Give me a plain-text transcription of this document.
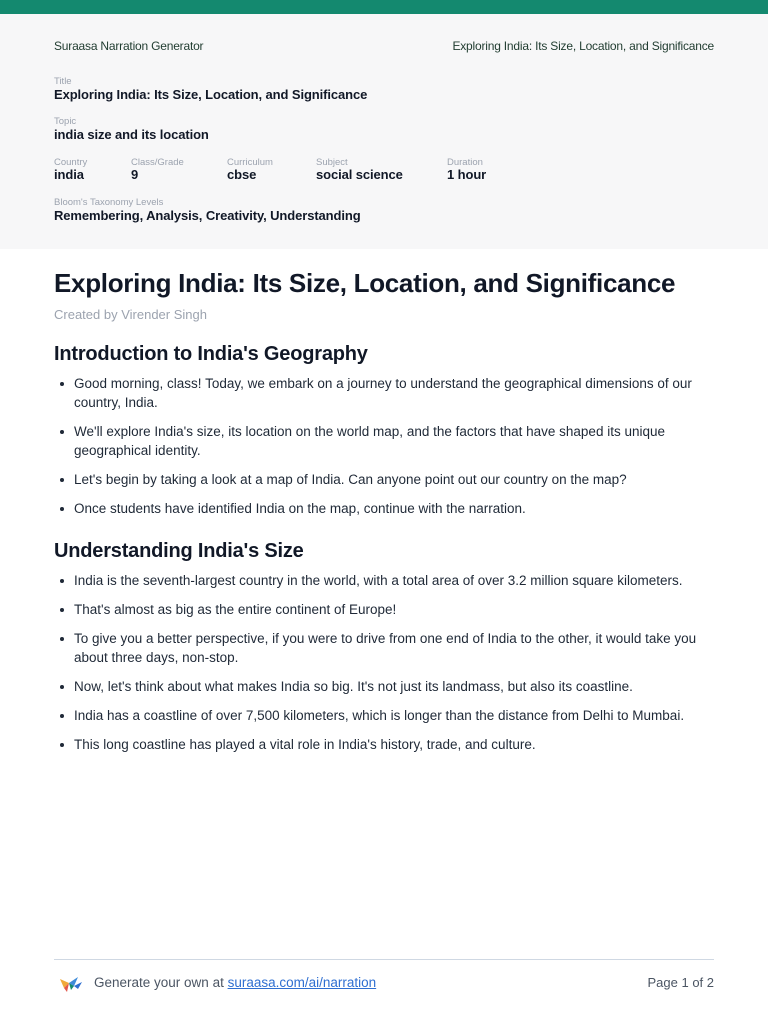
Suraasa Narration Generator	Exploring India: Its Size, Location, and Significance
Title
Exploring India: Its Size, Location, and Significance
Topic
india size and its location
Country
india
Class/Grade
9
Curriculum
cbse
Subject
social science
Duration
1 hour
Bloom's Taxonomy Levels
Remembering, Analysis, Creativity, Understanding
Exploring India: Its Size, Location, and Significance
Created by Virender Singh
Introduction to India's Geography
Good morning, class! Today, we embark on a journey to understand the geographical dimensions of our country, India.
We'll explore India's size, its location on the world map, and the factors that have shaped its unique geographical identity.
Let's begin by taking a look at a map of India. Can anyone point out our country on the map?
Once students have identified India on the map, continue with the narration.
Understanding India's Size
India is the seventh-largest country in the world, with a total area of over 3.2 million square kilometers.
That's almost as big as the entire continent of Europe!
To give you a better perspective, if you were to drive from one end of India to the other, it would take you about three days, non-stop.
Now, let's think about what makes India so big. It's not just its landmass, but also its coastline.
India has a coastline of over 7,500 kilometers, which is longer than the distance from Delhi to Mumbai.
This long coastline has played a vital role in India's history, trade, and culture.
Generate your own at suraasa.com/ai/narration	Page 1 of 2
